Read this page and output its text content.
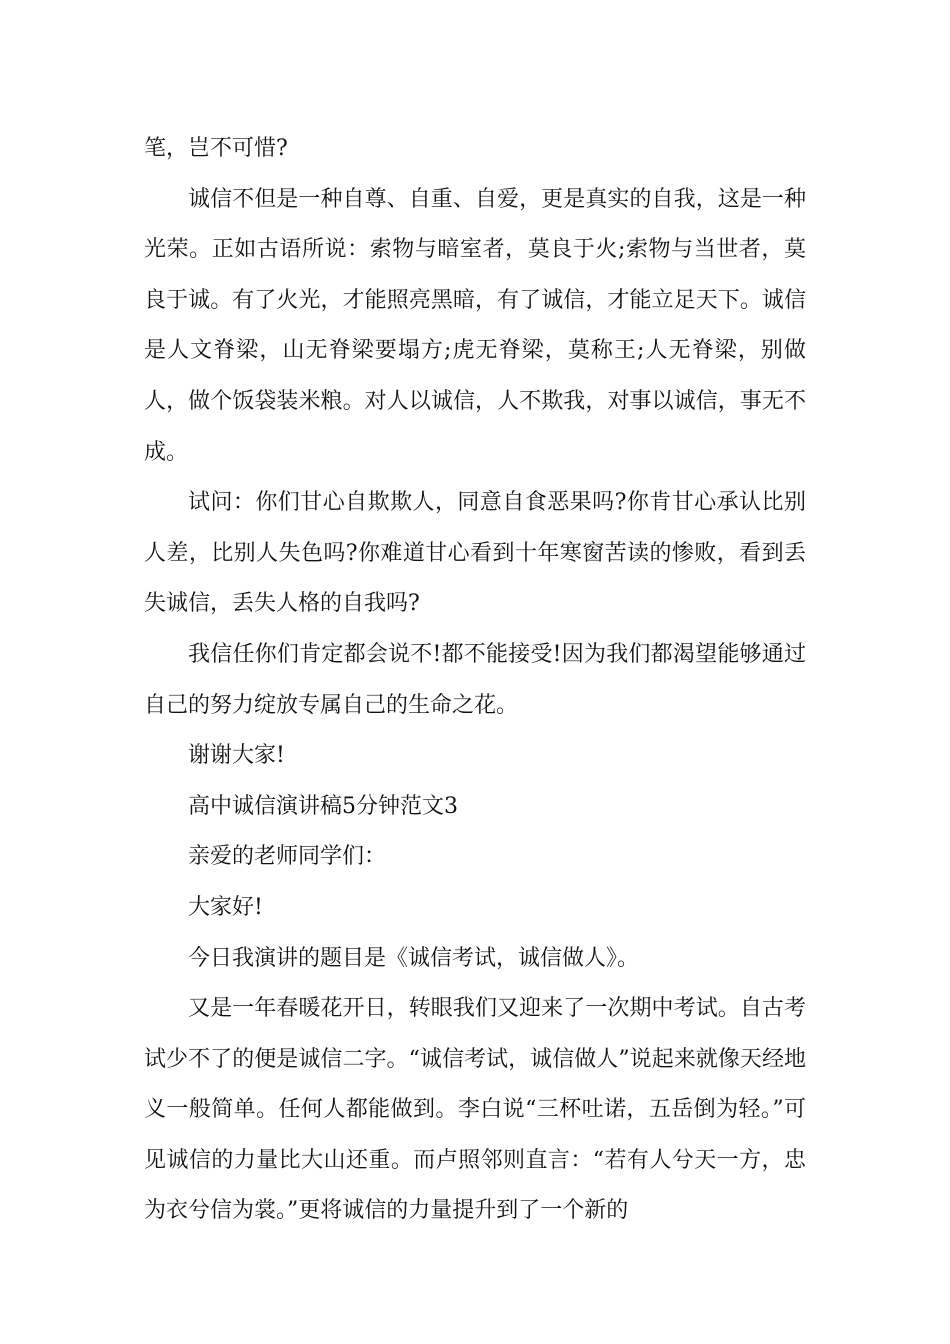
笔，岂不可惜?

诚信不但是一种自尊、自重、自爱，更是真实的自我，这是一种光荣。正如古语所说：索物与暗室者，莫良于火;索物与当世者，莫良于诚。有了火光，才能照亮黑暗，有了诚信，才能立足天下。诚信是人文脊梁，山无脊梁要塌方;虎无脊梁，莫称王;人无脊梁，别做人，做个饭袋装米粮。对人以诚信，人不欺我，对事以诚信，事无不成。

试问：你们甘心自欺欺人，同意自食恶果吗?你肯甘心承认比别人差，比别人失色吗?你难道甘心看到十年寒窗苦读的惨败，看到丢失诚信，丢失人格的自我吗?

我信任你们肯定都会说不!都不能接受!因为我们都渴望能够通过自己的努力绽放专属自己的生命之花。

谢谢大家!

高中诚信演讲稿5分钟范文3

亲爱的老师同学们：

大家好!

今日我演讲的题目是《诚信考试，诚信做人》。

又是一年春暖花开日，转眼我们又迎来了一次期中考试。自古考试少不了的便是诚信二字。“诚信考试，诚信做人”说起来就像天经地义一般简单。任何人都能做到。李白说“三杯吐诺，五岳倒为轻。”可见诚信的力量比大山还重。而卢照邻则直言：“若有人兮天一方，忠为衣兮信为裳。”更将诚信的力量提升到了一个新的
